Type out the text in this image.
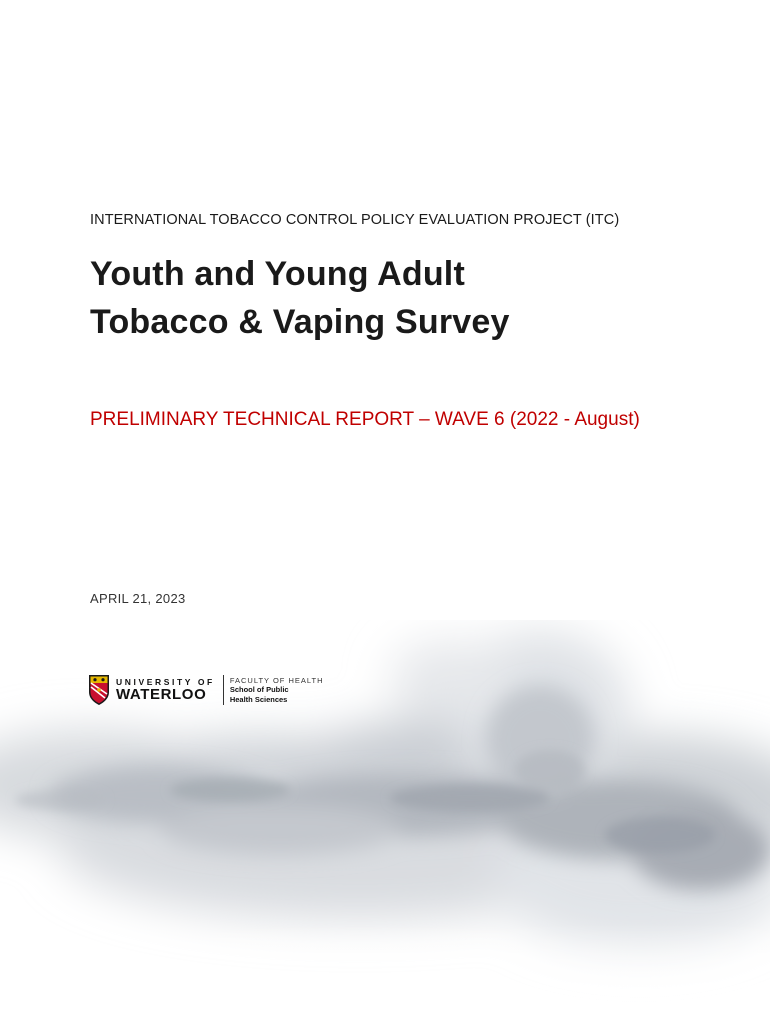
INTERNATIONAL TOBACCO CONTROL POLICY EVALUATION PROJECT (ITC)
Youth and Young Adult
Tobacco & Vaping Survey
PRELIMINARY TECHNICAL REPORT – WAVE 6 (2022 - August)
APRIL 21, 2023
UNIVERSITY OF
WATERLOO
FACULTY OF HEALTH
School of Public
Health Sciences
